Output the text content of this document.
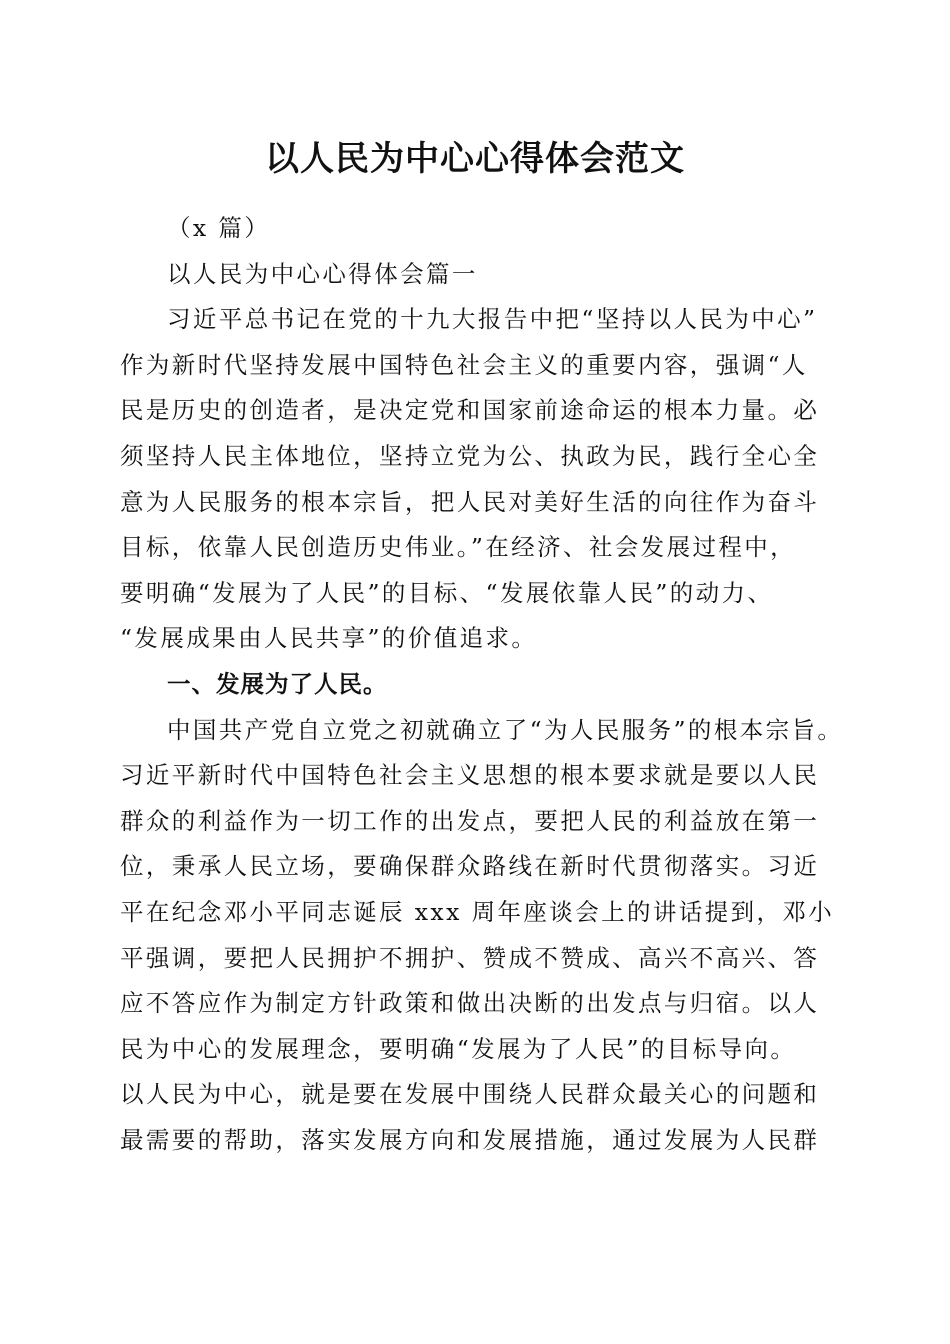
以人民为中心心得体会范文

（x 篇）

以人民为中心心得体会篇一

习近平总书记在党的十九大报告中把“坚持以人民为中心”
作为新时代坚持发展中国特色社会主义的重要内容，强调“人
民是历史的创造者，是决定党和国家前途命运的根本力量。必
须坚持人民主体地位，坚持立党为公、执政为民，践行全心全
意为人民服务的根本宗旨，把人民对美好生活的向往作为奋斗
目标，依靠人民创造历史伟业。”在经济、社会发展过程中，
要明确“发展为了人民”的目标、“发展依靠人民”的动力、
“发展成果由人民共享”的价值追求。

一、发展为了人民。

中国共产党自立党之初就确立了“为人民服务”的根本宗旨。
习近平新时代中国特色社会主义思想的根本要求就是要以人民
群众的利益作为一切工作的出发点，要把人民的利益放在第一
位，秉承人民立场，要确保群众路线在新时代贯彻落实。习近
平在纪念邓小平同志诞辰 xxx 周年座谈会上的讲话提到，邓小
平强调，要把人民拥护不拥护、赞成不赞成、高兴不高兴、答
应不答应作为制定方针政策和做出决断的出发点与归宿。以人
民为中心的发展理念，要明确“发展为了人民”的目标导向。
以人民为中心，就是要在发展中围绕人民群众最关心的问题和
最需要的帮助，落实发展方向和发展措施，通过发展为人民群
